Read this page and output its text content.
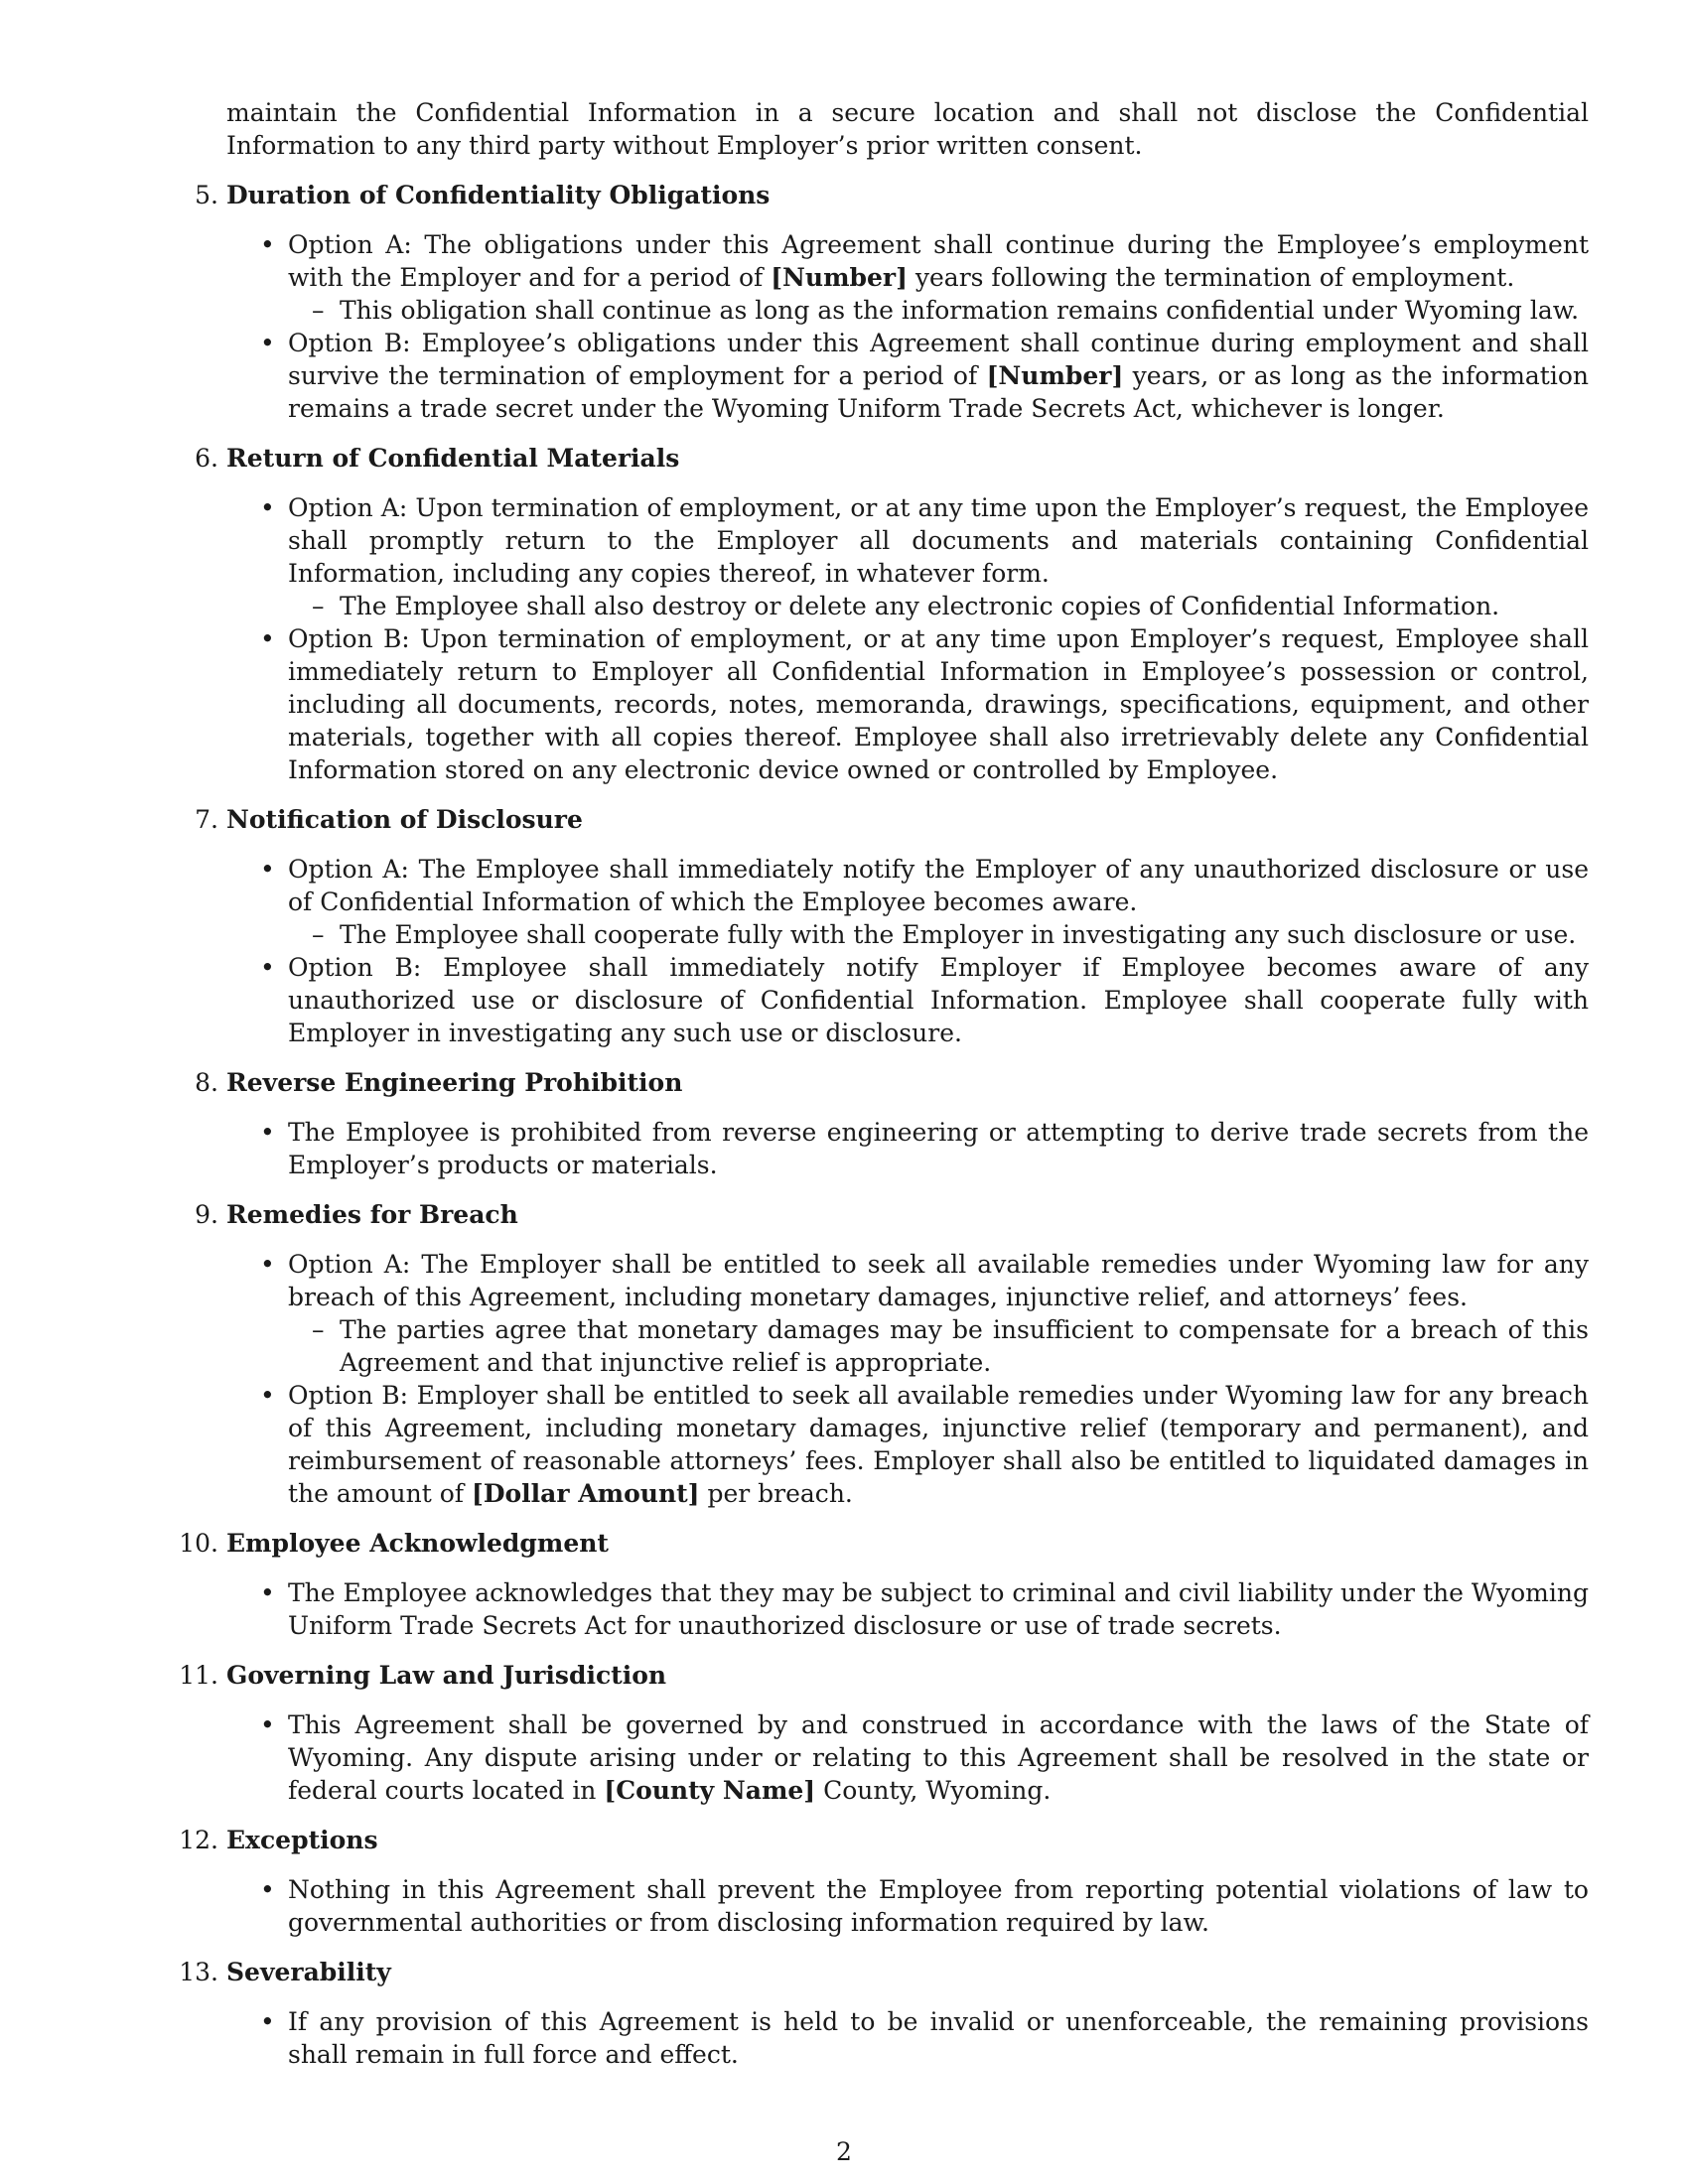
maintain the Confidential Information in a secure location and shall not disclose the Confidential Information to any third party without Employer’s prior written consent.
5. Duration of Confidentiality Obligations
• Option A: The obligations under this Agreement shall continue during the Employee’s employment with the Employer and for a period of [Number] years following the termination of employment.
– This obligation shall continue as long as the information remains confidential under Wyoming law.
• Option B: Employee’s obligations under this Agreement shall continue during employment and shall survive the termination of employment for a period of [Number] years, or as long as the information remains a trade secret under the Wyoming Uniform Trade Secrets Act, whichever is longer.
6. Return of Confidential Materials
• Option A: Upon termination of employment, or at any time upon the Employer’s request, the Employee shall promptly return to the Employer all documents and materials containing Confidential Information, including any copies thereof, in whatever form.
– The Employee shall also destroy or delete any electronic copies of Confidential Information.
• Option B: Upon termination of employment, or at any time upon Employer’s request, Employee shall immediately return to Employer all Confidential Information in Employee’s possession or control, including all documents, records, notes, memoranda, drawings, specifications, equipment, and other materials, together with all copies thereof. Employee shall also irretrievably delete any Confidential Information stored on any electronic device owned or controlled by Employee.
7. Notification of Disclosure
• Option A: The Employee shall immediately notify the Employer of any unauthorized disclosure or use of Confidential Information of which the Employee becomes aware.
– The Employee shall cooperate fully with the Employer in investigating any such disclosure or use.
• Option B: Employee shall immediately notify Employer if Employee becomes aware of any unauthorized use or disclosure of Confidential Information. Employee shall cooperate fully with Employer in investigating any such use or disclosure.
8. Reverse Engineering Prohibition
• The Employee is prohibited from reverse engineering or attempting to derive trade secrets from the Employer’s products or materials.
9. Remedies for Breach
• Option A: The Employer shall be entitled to seek all available remedies under Wyoming law for any breach of this Agreement, including monetary damages, injunctive relief, and attorneys’ fees.
– The parties agree that monetary damages may be insufficient to compensate for a breach of this Agreement and that injunctive relief is appropriate.
• Option B: Employer shall be entitled to seek all available remedies under Wyoming law for any breach of this Agreement, including monetary damages, injunctive relief (temporary and permanent), and reimbursement of reasonable attorneys’ fees. Employer shall also be entitled to liquidated damages in the amount of [Dollar Amount] per breach.
10. Employee Acknowledgment
• The Employee acknowledges that they may be subject to criminal and civil liability under the Wyoming Uniform Trade Secrets Act for unauthorized disclosure or use of trade secrets.
11. Governing Law and Jurisdiction
• This Agreement shall be governed by and construed in accordance with the laws of the State of Wyoming. Any dispute arising under or relating to this Agreement shall be resolved in the state or federal courts located in [County Name] County, Wyoming.
12. Exceptions
• Nothing in this Agreement shall prevent the Employee from reporting potential violations of law to governmental authorities or from disclosing information required by law.
13. Severability
• If any provision of this Agreement is held to be invalid or unenforceable, the remaining provisions shall remain in full force and effect.
2
